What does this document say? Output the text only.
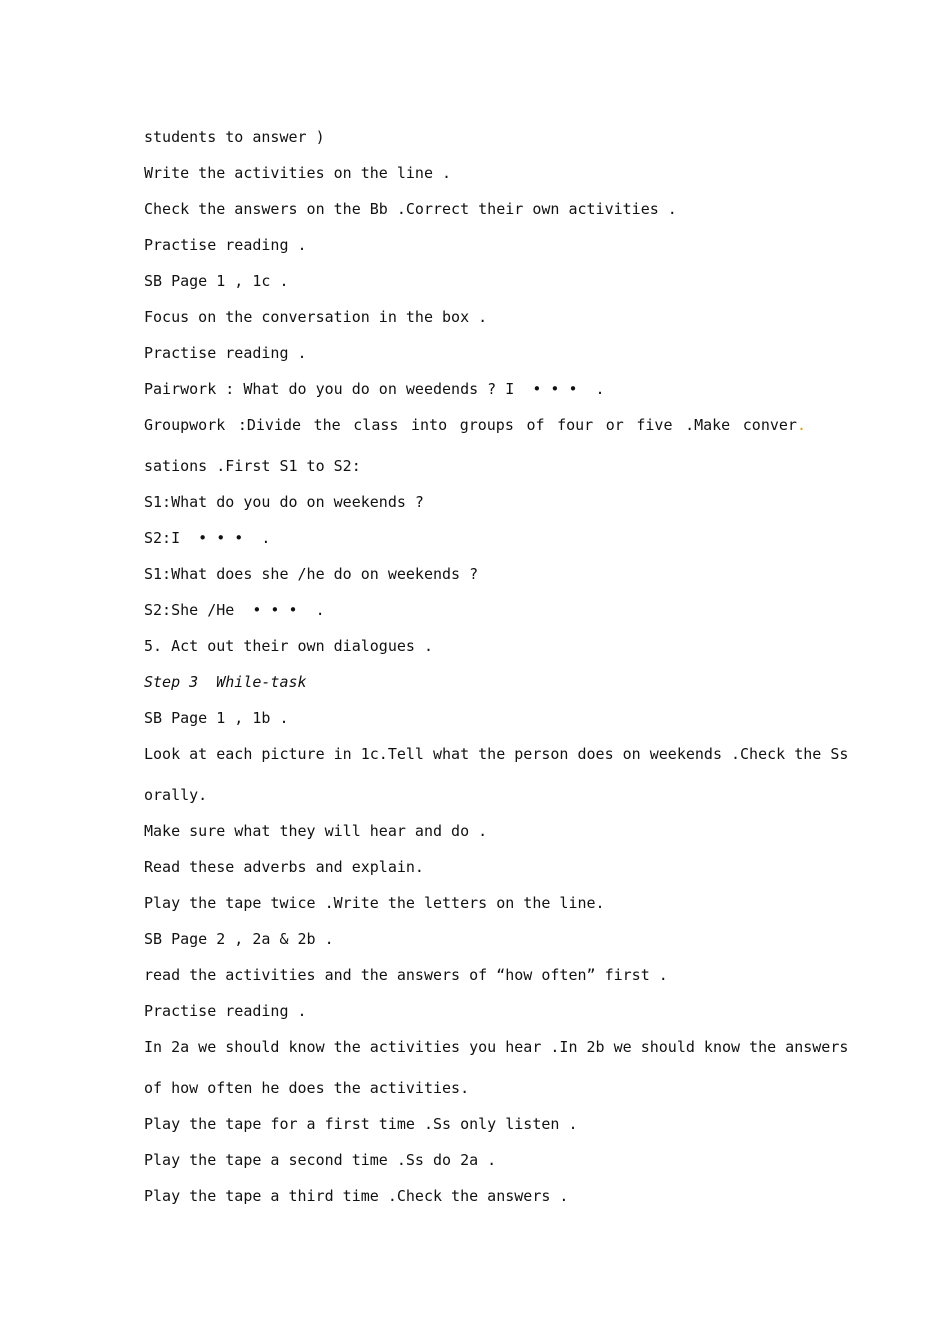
students to answer )
Write the activities on the line .
Check the answers on the Bb .Correct their own activities .
Practise reading .
SB Page 1 , 1c .
Focus on the conversation in the box .
Practise reading .
Pairwork : What do you do on weedends ? I  • • •  .
Groupwork :Divide the class into groups of four or five .Make conver.
sations .First S1 to S2:
S1:What do you do on weekends ?
S2:I  • • •  .
S1:What does she /he do on weekends ?
S2:She /He  • • •  .
5. Act out their own dialogues .
Step 3  While-task
SB Page 1 , 1b .
Look at each picture in 1c.Tell what the person does on weekends .Check the Ss
orally.
Make sure what they will hear and do .
Read these adverbs and explain.
Play the tape twice .Write the letters on the line.
SB Page 2 , 2a & 2b .
read the activities and the answers of “how often” first .
Practise reading .
In 2a we should know the activities you hear .In 2b we should know the answers
of how often he does the activities.
Play the tape for a first time .Ss only listen .
Play the tape a second time .Ss do 2a .
Play the tape a third time .Check the answers .
